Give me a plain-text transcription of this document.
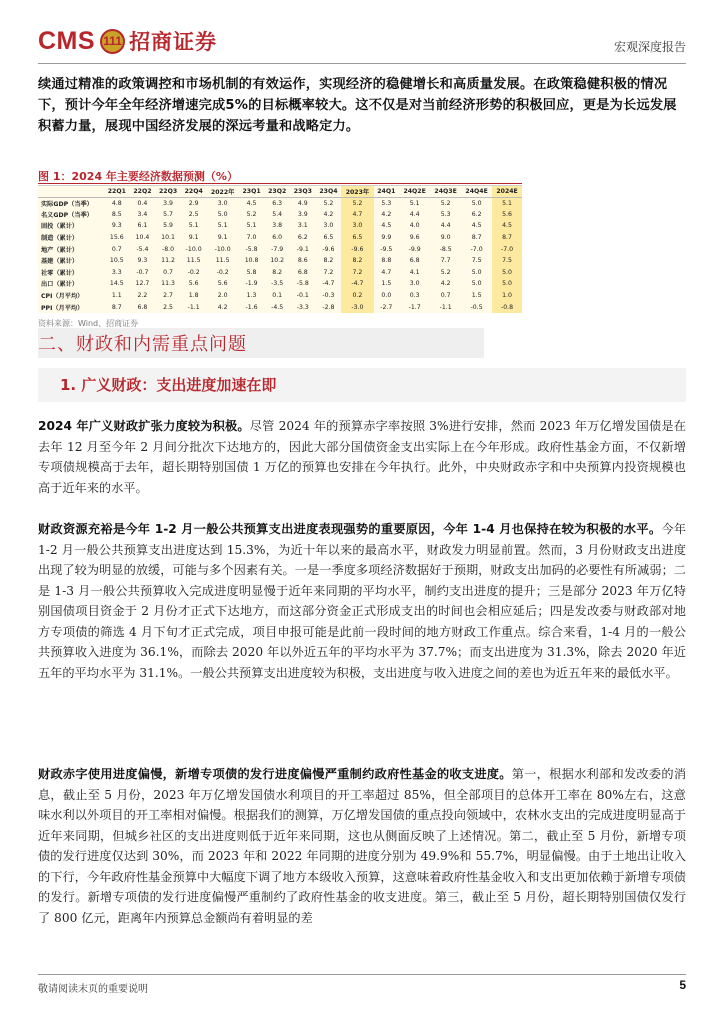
CMS 111 招商证券	宏观深度报告
续通过精准的政策调控和市场机制的有效运作，实现经济的稳健增长和高质量发展。在政策稳健积极的情况下，预计今年全年经济增速完成5%的目标概率较大。这不仅是对当前经济形势的积极回应，更是为长远发展积蓄力量，展现中国经济发展的深远考量和战略定力。
图 1：2024 年主要经济数据预测（%）
	22Q1	22Q2	22Q3	22Q4	2022年	23Q1	23Q2	23Q3	23Q4	2023年	24Q1	24Q2E	24Q3E	24Q4E	2024E
实际GDP（当季）	4.8	0.4	3.9	2.9	3.0	4.5	6.3	4.9	5.2	5.2	5.3	5.1	5.2	5.0	5.1
名义GDP（当季）	8.5	3.4	5.7	2.5	5.0	5.2	5.4	3.9	4.2	4.7	4.2	4.4	5.3	6.2	5.6
固投（累计）	9.3	6.1	5.9	5.1	5.1	5.1	3.8	3.1	3.0	3.0	4.5	4.0	4.4	4.5	4.5
制造（累计）	15.6	10.4	10.1	9.1	9.1	7.0	6.0	6.2	6.5	6.5	9.9	9.6	9.0	8.7	8.7
地产（累计）	0.7	-5.4	-8.0	-10.0	-10.0	-5.8	-7.9	-9.1	-9.6	-9.6	-9.5	-9.9	-8.5	-7.0	-7.0
基建（累计）	10.5	9.3	11.2	11.5	11.5	10.8	10.2	8.6	8.2	8.2	8.8	6.8	7.7	7.5	7.5
社零（累计）	3.3	-0.7	0.7	-0.2	-0.2	5.8	8.2	6.8	7.2	7.2	4.7	4.1	5.2	5.0	5.0
出口（累计）	14.5	12.7	11.3	5.6	5.6	-1.9	-3.5	-5.8	-4.7	-4.7	1.5	3.0	4.2	5.0	5.0
CPI（月平均）	1.1	2.2	2.7	1.8	2.0	1.3	0.1	-0.1	-0.3	0.2	0.0	0.3	0.7	1.5	1.0
PPI（月平均）	8.7	6.8	2.5	-1.1	4.2	-1.6	-4.5	-3.3	-2.8	-3.0	-2.7	-1.7	-1.1	-0.5	-0.8
资料来源：Wind、招商证券
二、财政和内需重点问题
1. 广义财政：支出进度加速在即
2024 年广义财政扩张力度较为积极。尽管 2024 年的预算赤字率按照 3%进行安排，然而 2023 年万亿增发国债是在去年 12 月至今年 2 月间分批次下达地方的，因此大部分国债资金支出实际上在今年形成。政府性基金方面，不仅新增专项债规模高于去年，超长期特别国债 1 万亿的预算也安排在今年执行。此外，中央财政赤字和中央预算内投资规模也高于近年来的水平。
财政资源充裕是今年 1-2 月一般公共预算支出进度表现强势的重要原因，今年 1-4 月也保持在较为积极的水平。今年 1-2 月一般公共预算支出进度达到 15.3%，为近十年以来的最高水平，财政发力明显前置。然而，3 月份财政支出进度出现了较为明显的放缓，可能与多个因素有关。一是一季度多项经济数据好于预期，财政支出加码的必要性有所减弱；二是 1-3 月一般公共预算收入完成进度明显慢于近年来同期的平均水平，制约支出进度的提升；三是部分 2023 年万亿特别国债项目资金于 2 月份才正式下达地方，而这部分资金正式形成支出的时间也会相应延后；四是发改委与财政部对地方专项债的筛选 4 月下旬才正式完成，项目申报可能是此前一段时间的地方财政工作重点。综合来看，1-4 月的一般公共预算收入进度为 36.1%，而除去 2020 年以外近五年的平均水平为 37.7%；而支出进度为 31.3%，除去 2020 年近五年的平均水平为 31.1%。一般公共预算支出进度较为积极，支出进度与收入进度之间的差也为近五年来的最低水平。
财政赤字使用进度偏慢，新增专项债的发行进度偏慢严重制约政府性基金的收支进度。第一，根据水利部和发改委的消息，截止至 5 月份，2023 年万亿增发国债水利项目的开工率超过 85%，但全部项目的总体开工率在 80%左右，这意味水利以外项目的开工率相对偏慢。根据我们的测算，万亿增发国债的重点投向领域中，农林水支出的完成进度明显高于近年来同期，但城乡社区的支出进度则低于近年来同期，这也从侧面反映了上述情况。第二，截止至 5 月份，新增专项债的发行进度仅达到 30%，而 2023 年和 2022 年同期的进度分别为 49.9%和 55.7%，明显偏慢。由于土地出让收入的下行，今年政府性基金预算中大幅度下调了地方本级收入预算，这意味着政府性基金收入和支出更加依赖于新增专项债的发行。新增专项债的发行进度偏慢严重制约了政府性基金的收支进度。第三，截止至 5 月份，超长期特别国债仅发行了 800 亿元，距离年内预算总金额尚有着明显的差
敬请阅读末页的重要说明	5
